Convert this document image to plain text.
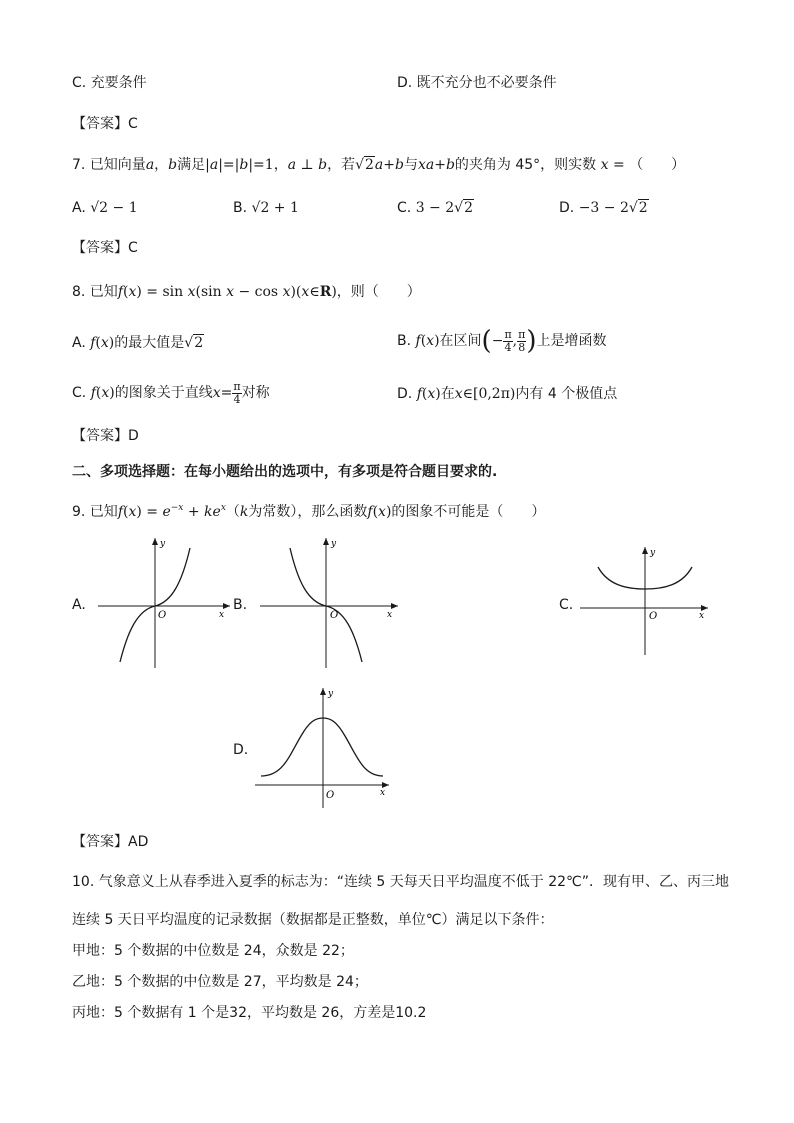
C. 充要条件	D. 既不充分也不必要条件
【答案】C
7. 已知向量a，b满足|a|=|b|=1，a ⊥ b，若√2a+b与xa+b的夹角为 45°，则实数 x = （　　）
A. √2 − 1	B. √2 + 1	C. 3 − 2√2	D. −3 − 2√2
【答案】C
8. 已知f(x) = sin x(sin x − cos x)(x∈R)，则（　　）
A. f(x)的最大值是√2	B. f(x)在区间(− $\frac{\pi}{4}$ , $\frac{\pi}{8}$ )上是增函数
C. f(x)的图象关于直线$x= \frac{\pi}{4}$ 对称	D. f(x)在x∈[0,2π)内有 4 个极值点
【答案】D
二、多项选择题：在每小题给出的选项中，有多项是符合题目要求的.
9. 已知$f(x) = e^{-x} + ke^x(k$为常数），那么函数f(x)的图象不可能是（　　）
A.	B.	C.
D.
y
x
O
y
x
O
y
x
O
y
x
O
【答案】AD
10. 气象意义上从春季进入夏季的标志为：“连续 5 天每天日平均温度不低于 22℃”．现有甲、乙、丙三地
连续 5 天日平均温度的记录数据（数据都是正整数，单位℃）满足以下条件：
甲地：5 个数据的中位数是 24，众数是 22；
乙地：5 个数据的中位数是 27，平均数是 24；
丙地：5 个数据有 1 个是32，平均数是 26，方差是10.2
